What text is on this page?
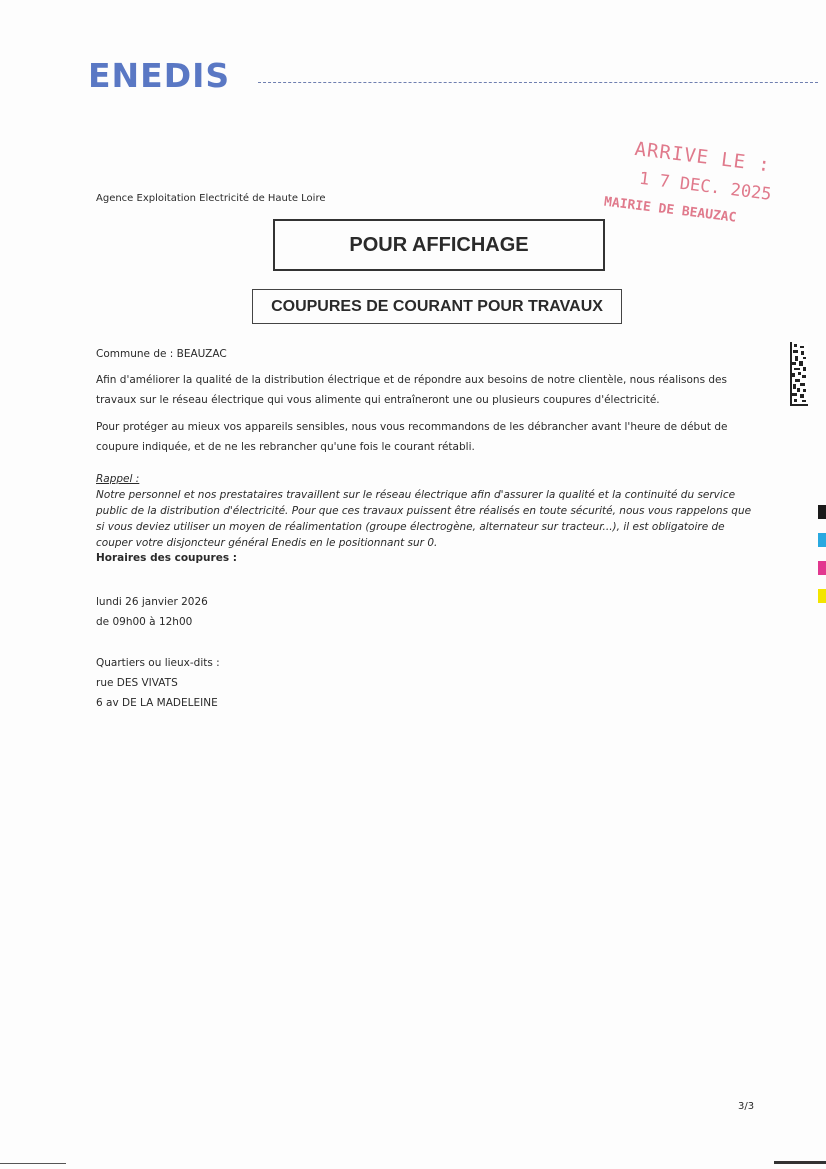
ENEDIS
ARRIVE LE :
1 7 DEC. 2025
MAIRIE DE BEAUZAC
Agence Exploitation Electricité de Haute Loire
POUR AFFICHAGE
COUPURES DE COURANT POUR TRAVAUX
Commune de : BEAUZAC
Afin d'améliorer la qualité de la distribution électrique et de répondre aux besoins de notre clientèle, nous réalisons des travaux sur le réseau électrique qui vous alimente qui entraîneront une ou plusieurs coupures d'électricité.
Pour protéger au mieux vos appareils sensibles, nous vous recommandons de les débrancher avant l'heure de début de coupure indiquée, et de ne les rebrancher qu'une fois le courant rétabli.
Rappel :
Notre personnel et nos prestataires travaillent sur le réseau électrique afin d'assurer la qualité et la continuité du service public de la distribution d'électricité. Pour que ces travaux puissent être réalisés en toute sécurité, nous vous rappelons que si vous deviez utiliser un moyen de réalimentation (groupe électrogène, alternateur sur tracteur...), il est obligatoire de couper votre disjoncteur général Enedis en le positionnant sur 0.
Horaires des coupures :
lundi 26 janvier 2026
de 09h00 à 12h00
Quartiers ou lieux-dits :
rue DES VIVATS
6 av DE LA MADELEINE
3/3
